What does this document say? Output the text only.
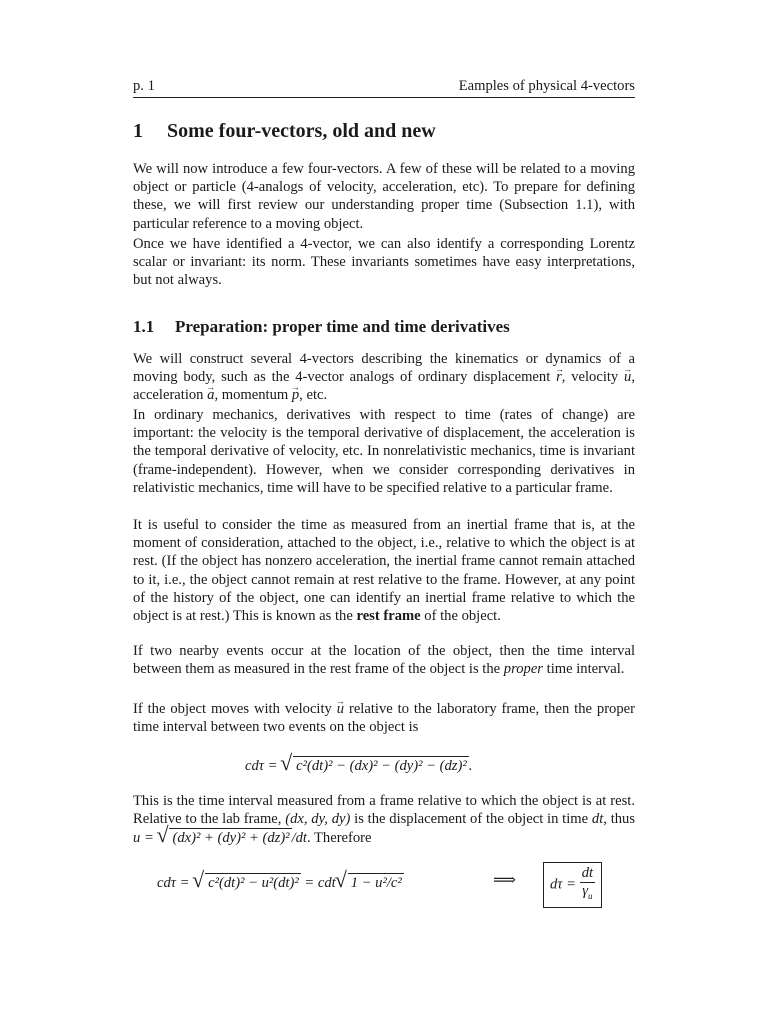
p. 1	Eamples of physical 4-vectors
1 Some four-vectors, old and new

We will now introduce a few four-vectors. A few of these will be related to a moving object or particle (4-analogs of velocity, acceleration, etc). To prepare for defining these, we will first review our understanding proper time (Subsection 1.1), with particular reference to a moving object.

Once we have identified a 4-vector, we can also identify a corresponding Lorentz scalar or invariant: its norm. These invariants sometimes have easy interpretations, but not always.

1.1 Preparation: proper time and time derivatives

We will construct several 4-vectors describing the kinematics or dynamics of a moving body, such as the 4-vector analogs of ordinary displacement → r, velocity → u, acceleration → a, momentum → p, etc.

In ordinary mechanics, derivatives with respect to time (rates of change) are important: the velocity is the temporal derivative of displacement, the acceleration is the temporal derivative of velocity, etc. In nonrelativistic mechanics, time is invariant (frame-independent). However, when we consider corresponding derivatives in relativistic mechanics, time will have to be specified relative to a particular frame.

It is useful to consider the time as measured from an inertial frame that is, at the moment of consideration, attached to the object, i.e., relative to which the object is at rest. (If the object has nonzero acceleration, the inertial frame cannot remain attached to it, i.e., the object cannot remain at rest relative to the frame. However, at any point of the history of the object, one can identify an inertial frame relative to which the object is at rest.) This is known as the rest frame of the object.

If two nearby events occur at the location of the object, then the time interval between them as measured in the rest frame of the object is the proper time interval.

If the object moves with velocity → u relative to the laboratory frame, then the proper time interval between two events on the object is

cdτ = √ c²(dt)² − (dx)² − (dy)² − (dz)² .

This is the time interval measured from a frame relative to which the object is at rest. Relative to the lab frame, (dx, dy, dy) is the displacement of the object in time dt, thus u = √ (dx)² + (dy)² + (dz)² /dt. Therefore

cdτ = √ c²(dt)² − u²(dt)² = cdt √ 1 − u²/c²	⟹	$d\tau = \frac{dt}{\gamma_u}$
